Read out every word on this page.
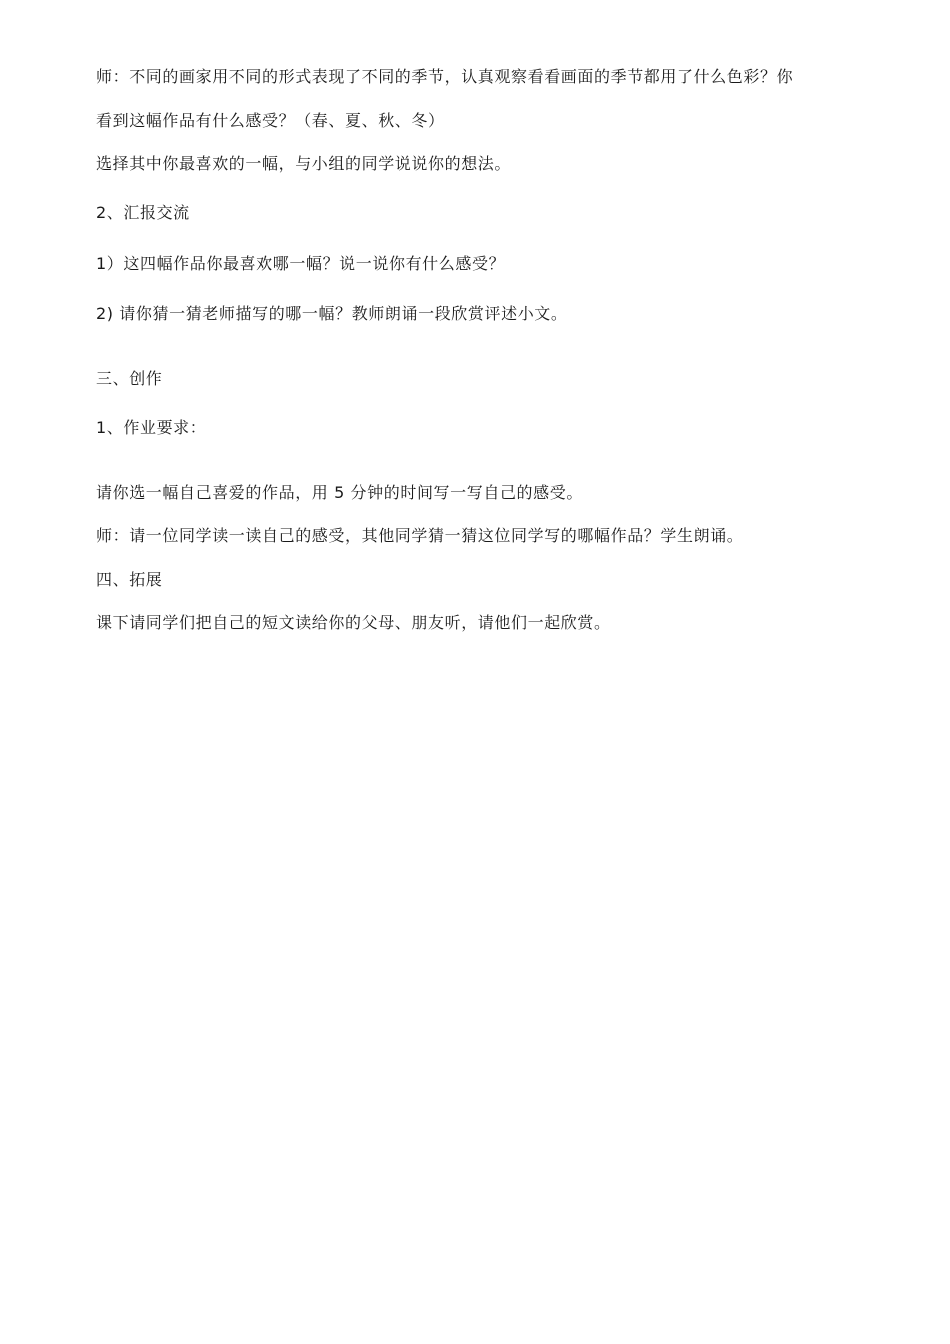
师：不同的画家用不同的形式表现了不同的季节，认真观察看看画面的季节都用了什么色彩？你
看到这幅作品有什么感受？（春、夏、秋、冬）
选择其中你最喜欢的一幅，与小组的同学说说你的想法。
2、汇报交流
1）这四幅作品你最喜欢哪一幅？说一说你有什么感受？
2) 请你猜一猜老师描写的哪一幅？教师朗诵一段欣赏评述小文。
三、创作
1、作业要求：
请你选一幅自己喜爱的作品，用 5 分钟的时间写一写自己的感受。
师：请一位同学读一读自己的感受，其他同学猜一猜这位同学写的哪幅作品？学生朗诵。
四、拓展
课下请同学们把自己的短文读给你的父母、朋友听，请他们一起欣赏。
